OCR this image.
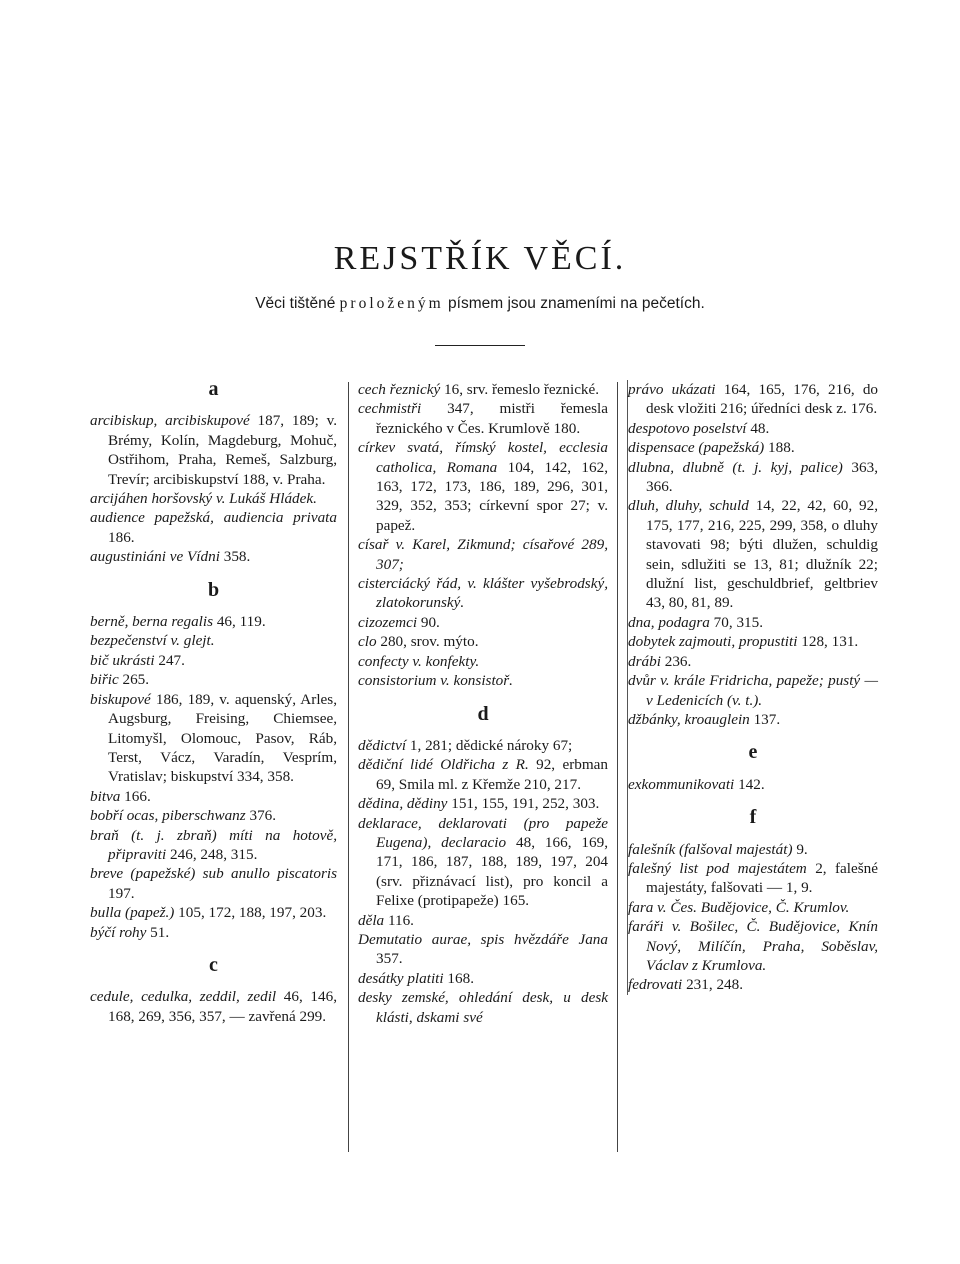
REJSTŘÍK VĚCÍ.
Věci tištěné proloženým písmem jsou znameními na pečetích.
a
arcibiskup, arcibiskupové 187, 189; v. Brémy, Kolín, Magdeburg, Mohuč, Ostřihom, Praha, Remeš, Salzburg, Trevír; arcibiskupství 188, v. Praha.
arcijáhen horšovský v. Lukáš Hládek.
audience papežská, audiencia privata 186.
augustiniáni ve Vídni 358.
b
berně, berna regalis 46, 119.
bezpečenství v. glejt.
bič ukrásti 247.
biřic 265.
biskupové 186, 189, v. aquenský, Arles, Augsburg, Freising, Chiemsee, Litomyšl, Olomouc, Pasov, Ráb, Terst, Vácz, Varadín, Vesprím, Vratislav; biskupství 334, 358.
bitva 166.
bobří ocas, piberschwanz 376.
braň (t. j. zbraň) míti na hotově, připraviti 246, 248, 315.
breve (papežské) sub anullo piscatoris 197.
bulla (papež.) 105, 172, 188, 197, 203.
býčí rohy 51.
c
cedule, cedulka, zeddil, zedil 46, 146, 168, 269, 356, 357, — zavřená 299.
cech řeznický 16, srv. řemeslo řeznické.
cechmistři 347, mistři řemesla řeznického v Čes. Krumlově 180.
církev svatá, římský kostel, ecclesia catholica, Romana 104, 142, 162, 163, 172, 173, 186, 189, 296, 301, 329, 352, 353; církevní spor 27; v. papež.
císař v. Karel, Zikmund; císařové 289, 307;
cisterciácký řád, v. klášter vyšebrodský, zlatokorunský.
cizozemci 90.
clo 280, srov. mýto.
confecty v. konfekty.
consistorium v. konsistoř.
d
dědictví 1, 281; dědické nároky 67;
dědiční lidé Oldřicha z R. 92, erbman 69, Smila ml. z Křemže 210, 217.
dědina, dědiny 151, 155, 191, 252, 303.
deklarace, deklarovati (pro papeže Eugena), declaracio 48, 166, 169, 171, 186, 187, 188, 189, 197, 204 (srv. přiznávací list), pro koncil a Felixe (protipapeže) 165.
děla 116.
Demutatio aurae, spis hvězdáře Jana 357.
desátky platiti 168.
desky zemské, ohledání desk, u desk klásti, dskami své
právo ukázati 164, 165, 176, 216, do desk vložiti 216; úředníci desk z. 176.
despotovo poselství 48.
dispensace (papežská) 188.
dlubna, dlubně (t. j. kyj, palice) 363, 366.
dluh, dluhy, schuld 14, 22, 42, 60, 92, 175, 177, 216, 225, 299, 358, o dluhy stavovati 98; býti dlužen, schuldig sein, sdlužiti se 13, 81; dlužník 22; dlužní list, geschuldbrief, geltbriev 43, 80, 81, 89.
dna, podagra 70, 315.
dobytek zajmouti, propustiti 128, 131.
drábi 236.
dvůr v. krále Fridricha, papeže; pustý — v Ledenicích (v. t.).
džbánky, kroauglein 137.
e
exkommunikovati 142.
f
falešník (falšoval majestát) 9.
falešný list pod majestátem 2, falešné majestáty, falšovati — 1, 9.
fara v. Čes. Budějovice, Č. Krumlov.
faráři v. Bošilec, Č. Budějovice, Knín Nový, Milíčín, Praha, Soběslav, Václav z Krumlova.
fedrovati 231, 248.
